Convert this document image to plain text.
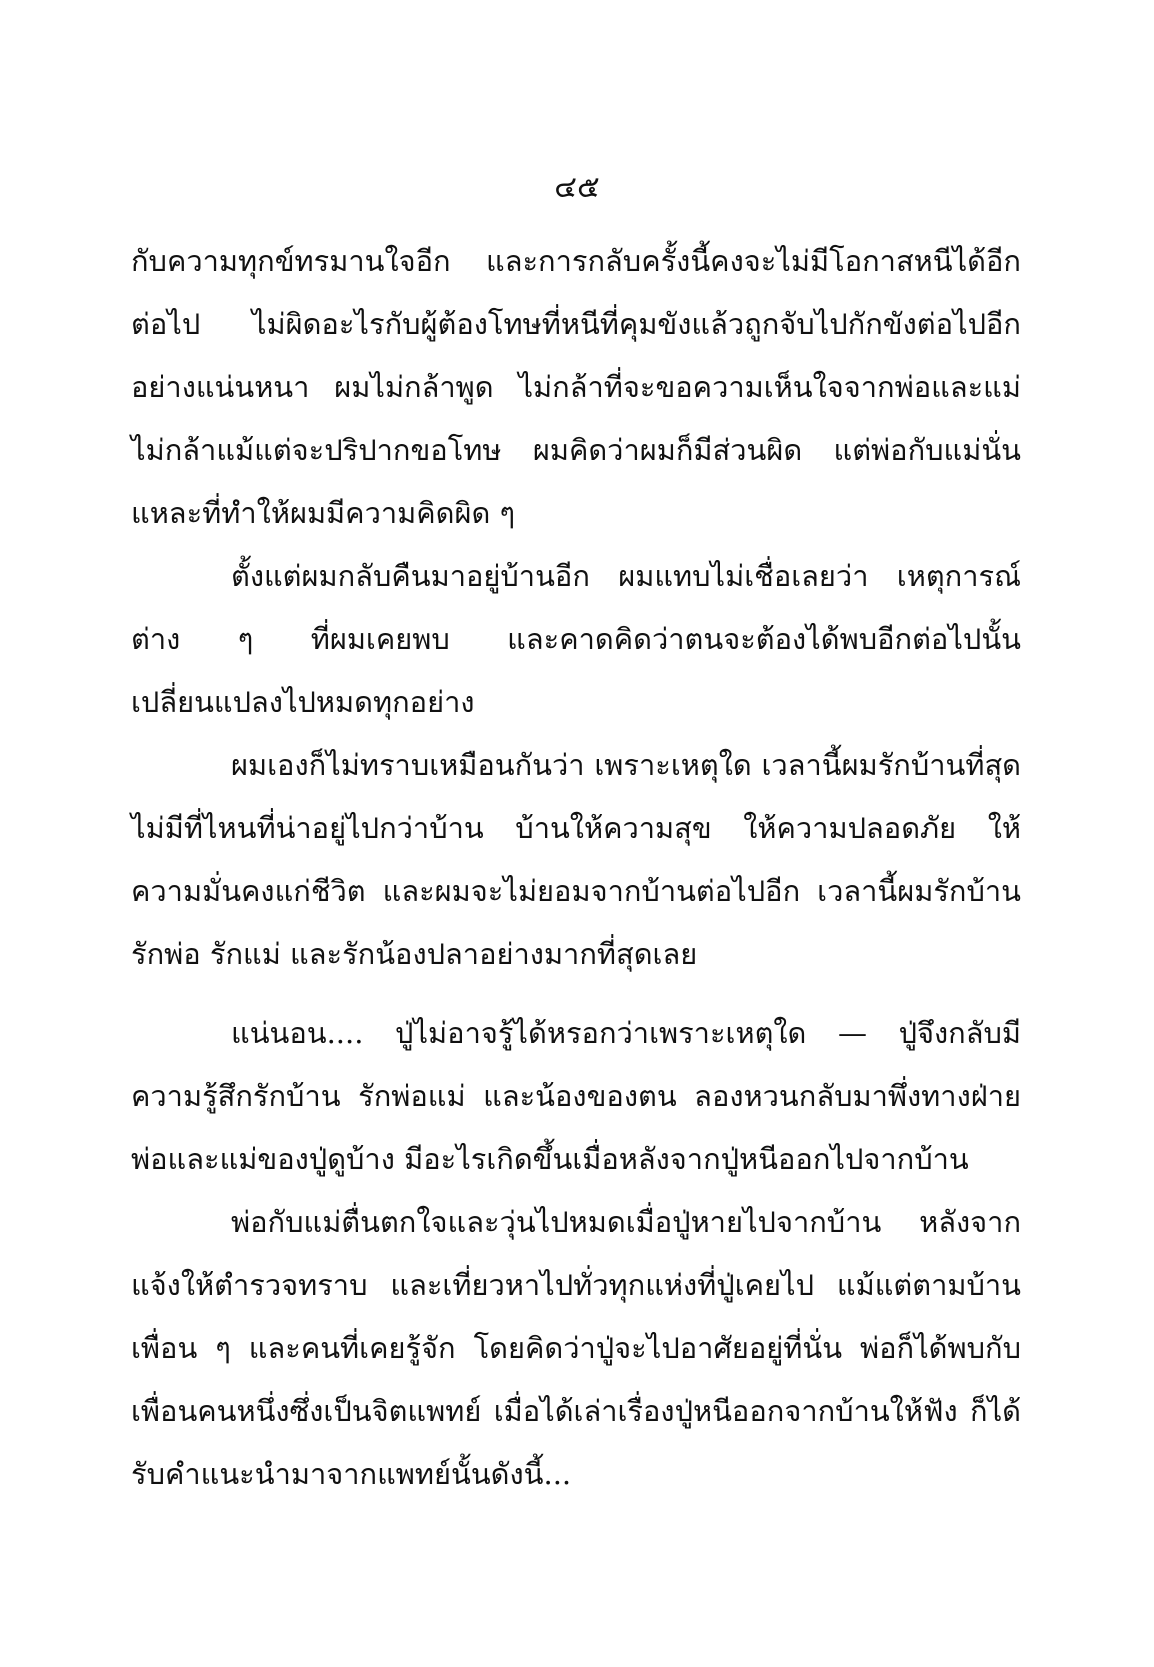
๔๕

กับความทุกข์ทรมานใจอีก และการกลับครั้งนี้คงจะไม่มีโอกาสหนีได้อีกต่อไป ไม่ผิดอะไรกับผู้ต้องโทษที่หนีที่คุมขังแล้วถูกจับไปกักขังต่อไปอีกอย่างแน่นหนา ผมไม่กล้าพูด ไม่กล้าที่จะขอความเห็นใจจากพ่อและแม่ ไม่กล้าแม้แต่จะปริปากขอโทษ ผมคิดว่าผมก็มีส่วนผิด แต่พ่อกับแม่นั่นแหละที่ทำให้ผมมีความคิดผิด ๆ

ตั้งแต่ผมกลับคืนมาอยู่บ้านอีก ผมแทบไม่เชื่อเลยว่า เหตุการณ์ต่าง ๆ ที่ผมเคยพบ และคาดคิดว่าตนจะต้องได้พบอีกต่อไปนั้น เปลี่ยนแปลงไปหมดทุกอย่าง

ผมเองก็ไม่ทราบเหมือนกันว่า เพราะเหตุใด เวลานี้ผมรักบ้านที่สุด ไม่มีที่ไหนที่น่าอยู่ไปกว่าบ้าน บ้านให้ความสุข ให้ความปลอดภัย ให้ความมั่นคงแก่ชีวิต และผมจะไม่ยอมจากบ้านต่อไปอีก เวลานี้ผมรักบ้าน รักพ่อ รักแม่ และรักน้องปลาอย่างมากที่สุดเลย

แน่นอน.... ปู่ไม่อาจรู้ได้หรอกว่าเพราะเหตุใด — ปู่จึงกลับมีความรู้สึกรักบ้าน รักพ่อแม่ และน้องของตน ลองหวนกลับมาพึ่งทางฝ่ายพ่อและแม่ของปู่ดูบ้าง มีอะไรเกิดขึ้นเมื่อหลังจากปู่หนีออกไปจากบ้าน

พ่อกับแม่ตื่นตกใจและวุ่นไปหมดเมื่อปู่หายไปจากบ้าน หลังจากแจ้งให้ตำรวจทราบ และเที่ยวหาไปทั่วทุกแห่งที่ปู่เคยไป แม้แต่ตามบ้านเพื่อน ๆ และคนที่เคยรู้จัก โดยคิดว่าปู่จะไปอาศัยอยู่ที่นั่น พ่อก็ได้พบกับเพื่อนคนหนึ่งซึ่งเป็นจิตแพทย์ เมื่อได้เล่าเรื่องปู่หนีออกจากบ้านให้ฟัง ก็ได้รับคำแนะนำมาจากแพทย์นั้นดังนี้...
